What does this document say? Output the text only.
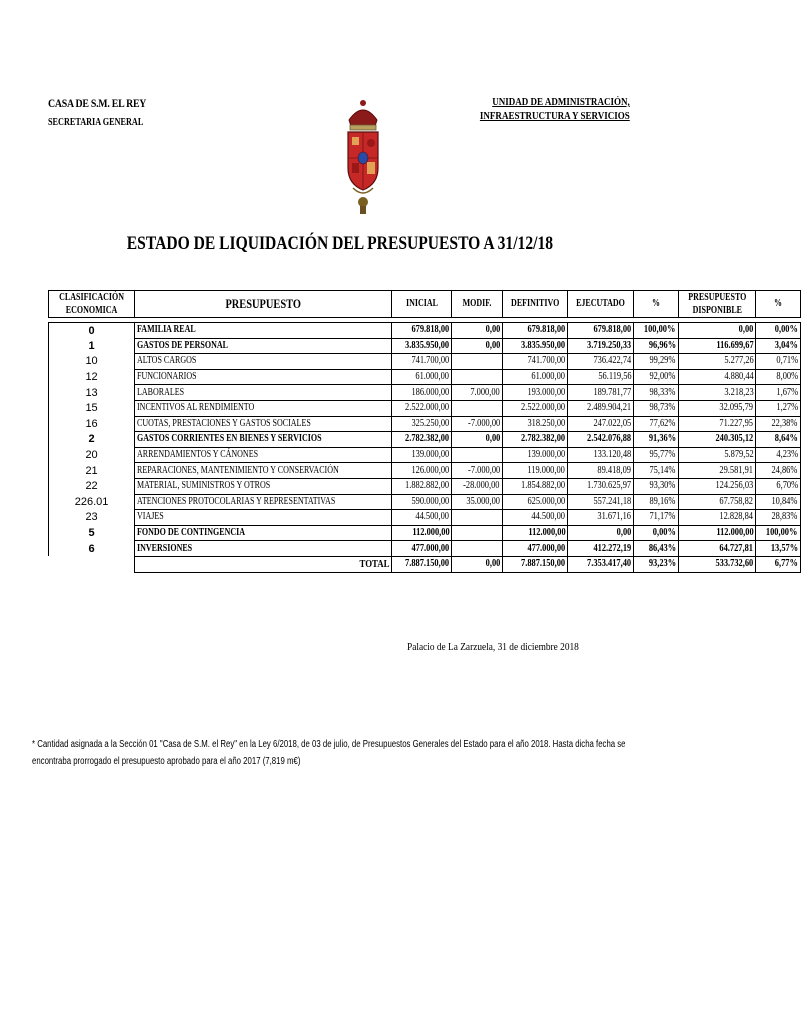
CASA DE S.M. EL REY
SECRETARIA GENERAL
UNIDAD DE ADMINISTRACIÓN,
INFRAESTRUCTURA Y SERVICIOS
ESTADO DE LIQUIDACIÓN DEL PRESUPUESTO A 31/12/18
CLASIFICACIÓN ECONOMICA	PRESUPUESTO	INICIAL	MODIF.	DEFINITIVO	EJECUTADO	%	PRESUPUESTO DISPONIBLE	%

0	FAMILIA REAL	679.818,00	0,00	679.818,00	679.818,00	100,00%	0,00	0,00%
1	GASTOS DE PERSONAL	3.835.950,00	0,00	3.835.950,00	3.719.250,33	96,96%	116.699,67	3,04%
10	ALTOS CARGOS	741.700,00		741.700,00	736.422,74	99,29%	5.277,26	0,71%
12	FUNCIONARIOS	61.000,00		61.000,00	56.119,56	92,00%	4.880,44	8,00%
13	LABORALES	186.000,00	7.000,00	193.000,00	189.781,77	98,33%	3.218,23	1,67%
15	INCENTIVOS AL RENDIMIENTO	2.522.000,00		2.522.000,00	2.489.904,21	98,73%	32.095,79	1,27%
16	CUOTAS, PRESTACIONES Y GASTOS SOCIALES	325.250,00	-7.000,00	318.250,00	247.022,05	77,62%	71.227,95	22,38%
2	GASTOS CORRIENTES EN BIENES Y SERVICIOS	2.782.382,00	0,00	2.782.382,00	2.542.076,88	91,36%	240.305,12	8,64%
20	ARRENDAMIENTOS Y CÁNONES	139.000,00		139.000,00	133.120,48	95,77%	5.879,52	4,23%
21	REPARACIONES, MANTENIMIENTO Y CONSERVACIÓN	126.000,00	-7.000,00	119.000,00	89.418,09	75,14%	29.581,91	24,86%
22	MATERIAL, SUMINISTROS Y OTROS	1.882.882,00	-28.000,00	1.854.882,00	1.730.625,97	93,30%	124.256,03	6,70%
226.01	ATENCIONES PROTOCOLARIAS Y REPRESENTATIVAS	590.000,00	35.000,00	625.000,00	557.241,18	89,16%	67.758,82	10,84%
23	VIAJES	44.500,00		44.500,00	31.671,16	71,17%	12.828,84	28,83%
5	FONDO DE CONTINGENCIA	112.000,00		112.000,00	0,00	0,00%	112.000,00	100,00%
6	INVERSIONES	477.000,00		477.000,00	412.272,19	86,43%	64.727,81	13,57%
	TOTAL	7.887.150,00	0,00	7.887.150,00	7.353.417,40	93,23%	533.732,60	6,77%
Palacio de La Zarzuela, 31 de diciembre 2018
* Cantidad asignada a la Sección 01 "Casa de S.M. el Rey" en la Ley 6/2018, de 03 de julio, de Presupuestos Generales del Estado para el año 2018. Hasta dicha fecha se
encontraba prorrogado el presupuesto aprobado para el año 2017 (7,819 m€)
